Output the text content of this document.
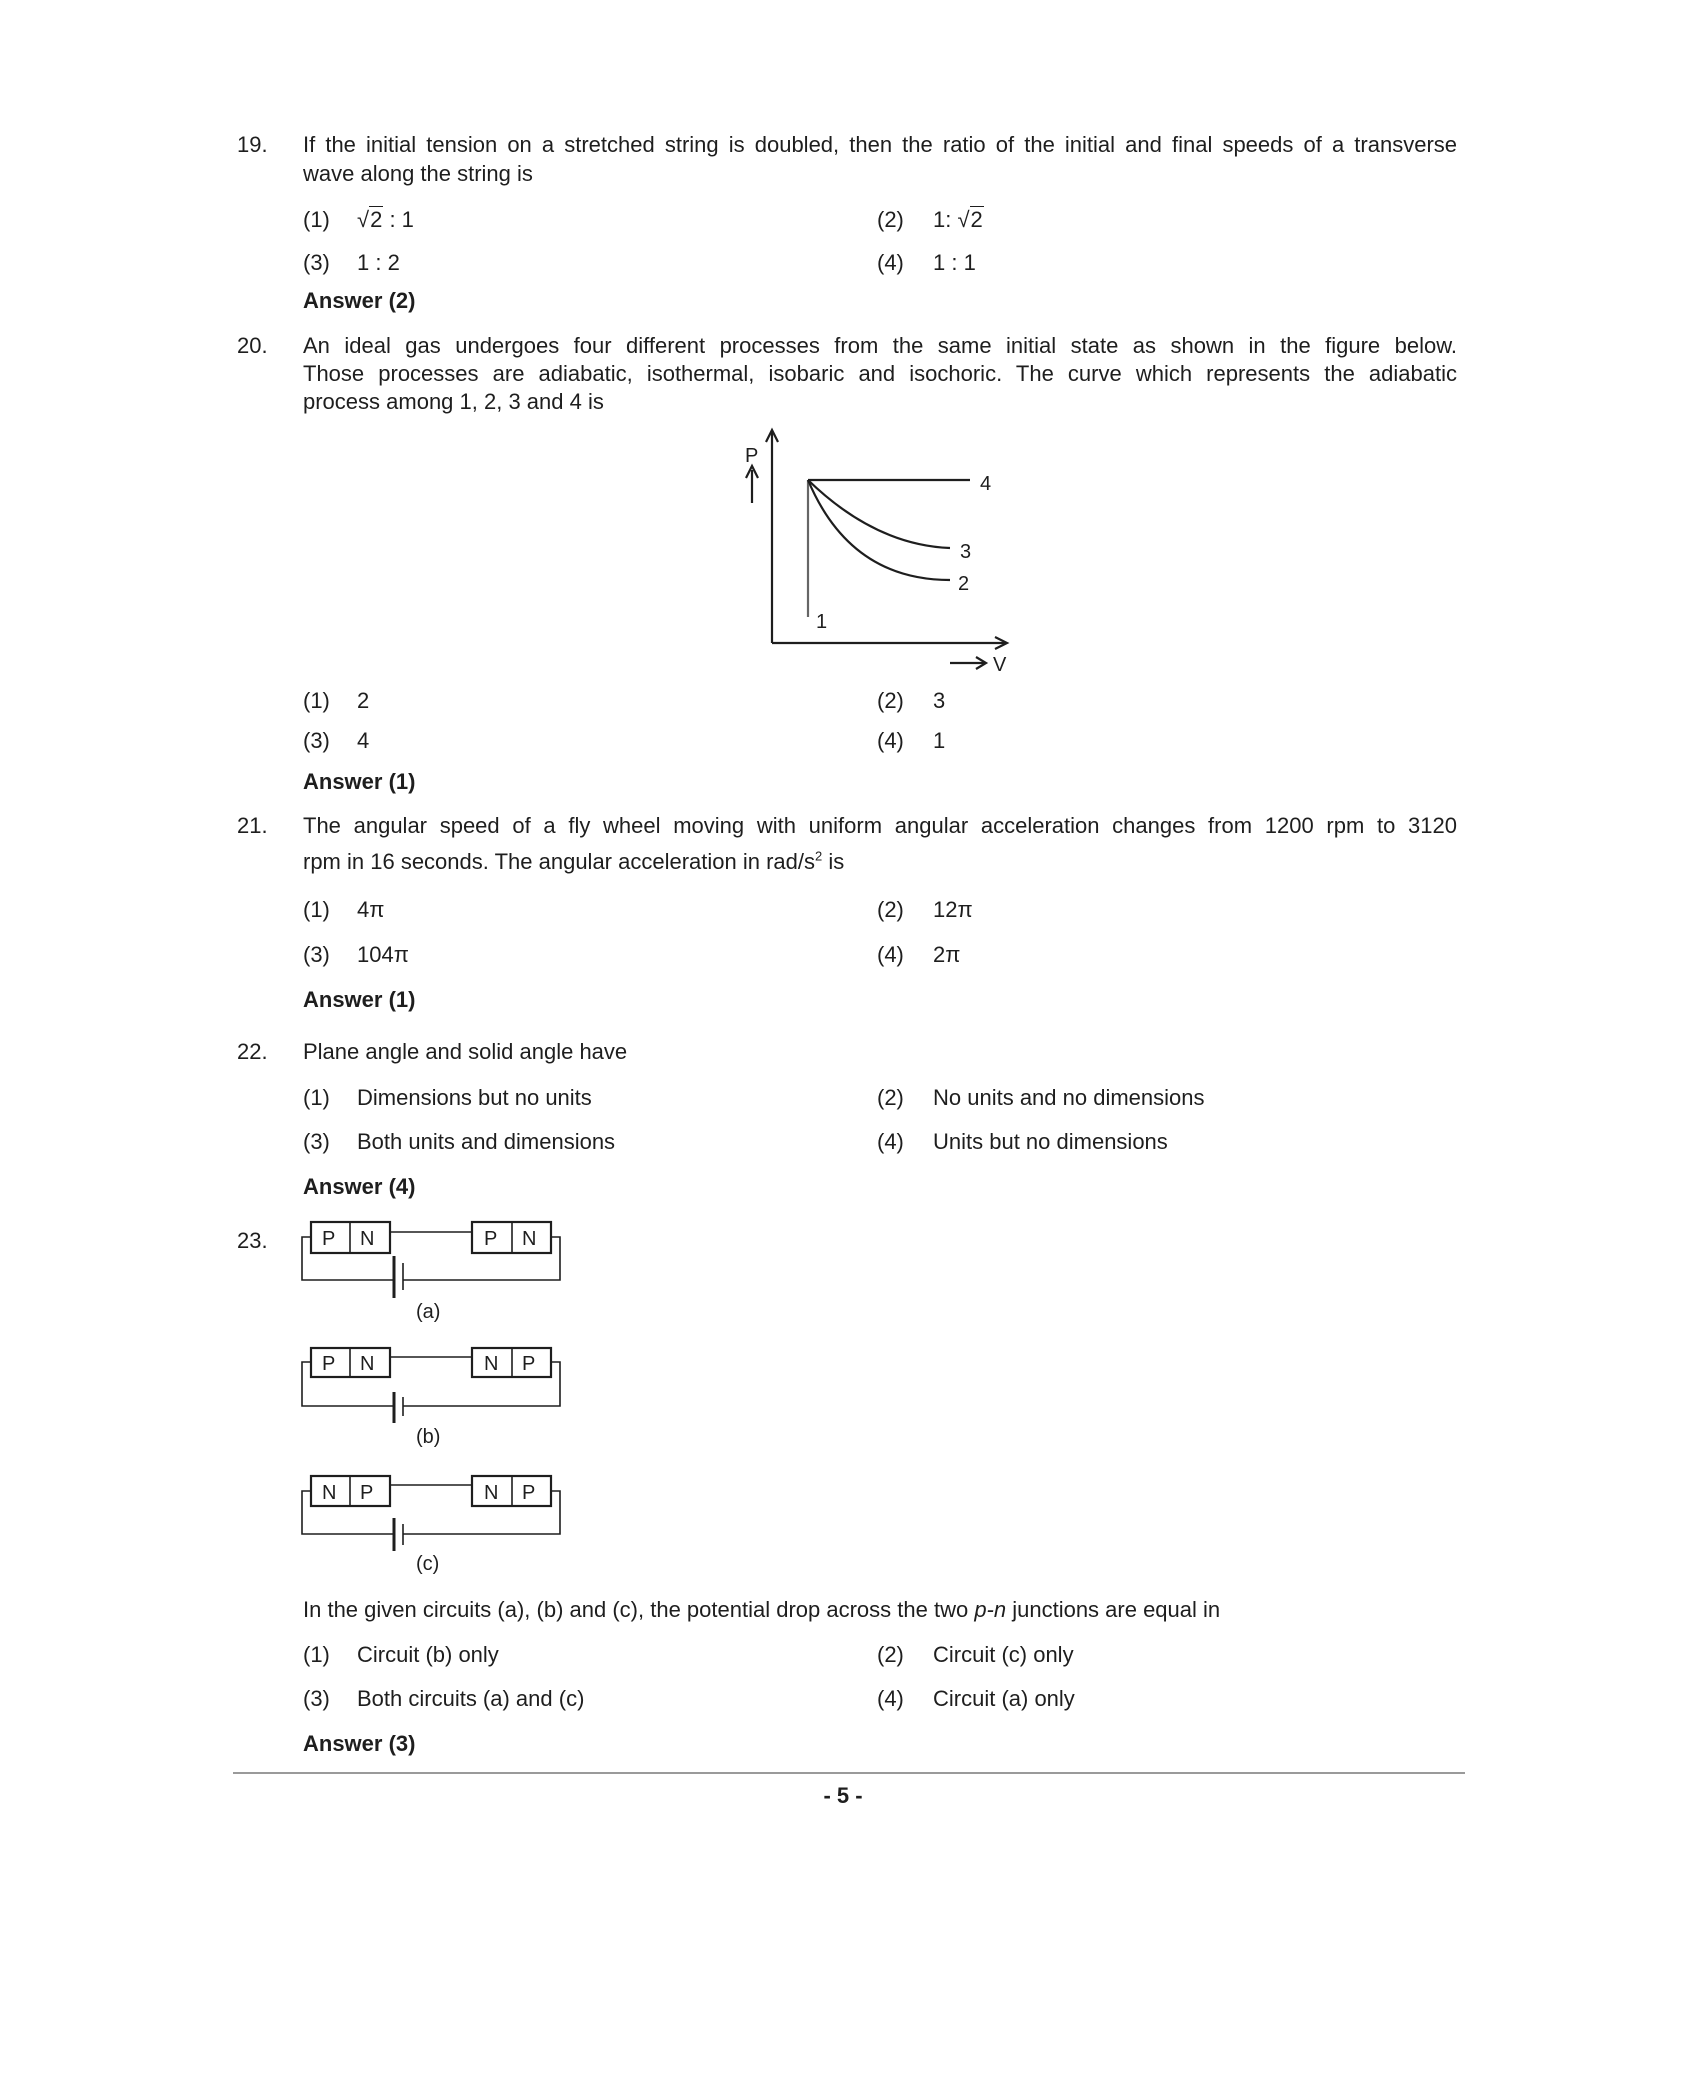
19. If the initial tension on a stretched string is doubled, then the ratio of the initial and final speeds of a transverse
wave along the string is
(1) √2 : 1	(2) 1: √2
(3) 1 : 2	(4) 1 : 1
Answer (2)
20. An ideal gas undergoes four different processes from the same initial state as shown in the figure below.
Those processes are adiabatic, isothermal, isobaric and isochoric. The curve which represents the adiabatic
process among 1, 2, 3 and 4 is
(1) 2	(2) 3
(3) 4	(4) 1
Answer (1)
21. The angular speed of a fly wheel moving with uniform angular acceleration changes from 1200 rpm to 3120
rpm in 16 seconds. The angular acceleration in rad/$s^2$ is
(1) 4π	(2) 12π
(3) 104π	(4) 2π
Answer (1)
22. Plane angle and solid angle have
(1) Dimensions but no units	(2) No units and no dimensions
(3) Both units and dimensions	(4) Units but no dimensions
Answer (4)
23.
In the given circuits (a), (b) and (c), the potential drop across the two p-n junctions are equal in
(1) Circuit (b) only	(2) Circuit (c) only
(3) Both circuits (a) and (c)	(4) Circuit (a) only
Answer (3)
P
V
1
2
3
4
P N	P N
(a)
P N	N P
(b)
N P	N P
(c)
- 5 -
